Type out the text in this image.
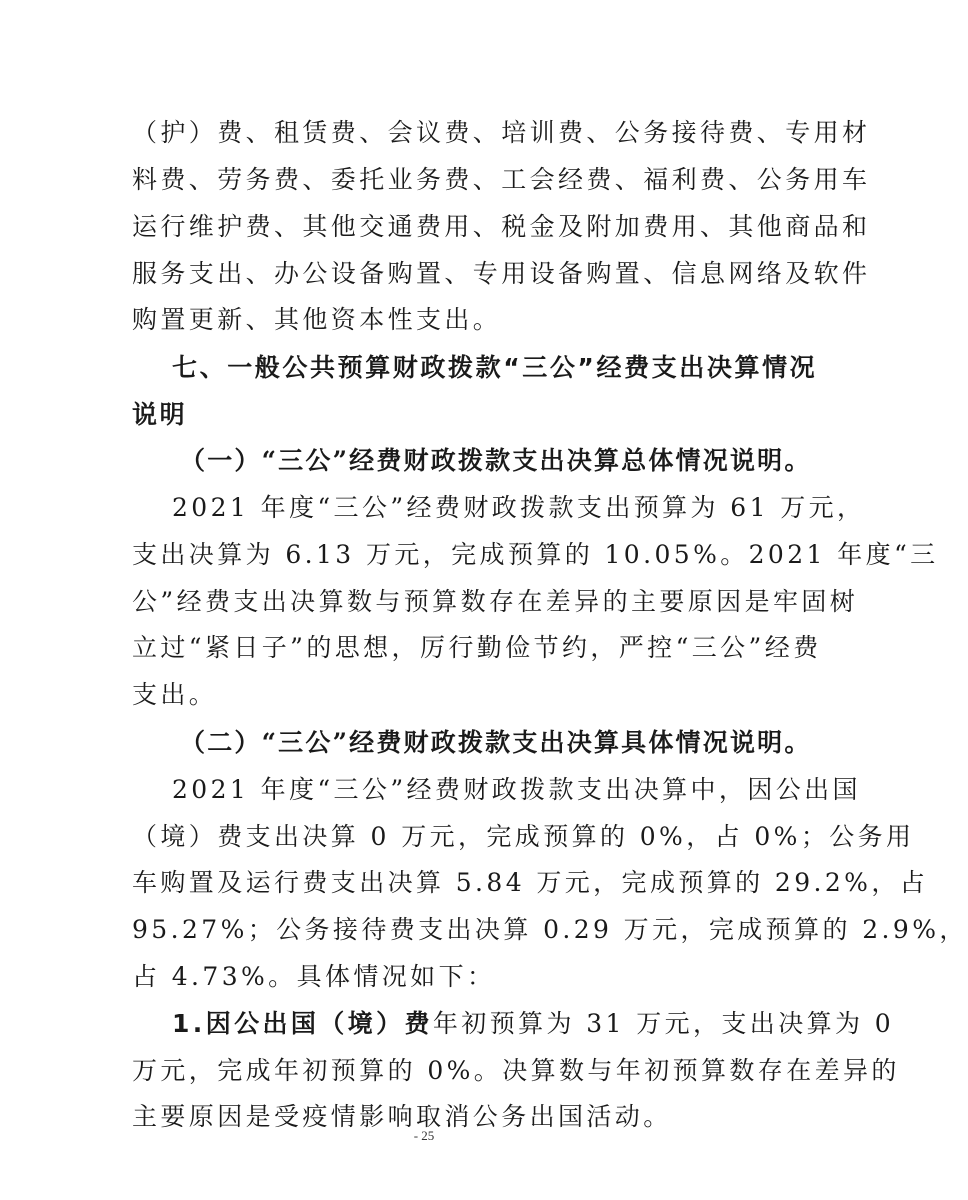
（护）费、租赁费、会议费、培训费、公务接待费、专用材
料费、劳务费、委托业务费、工会经费、福利费、公务用车
运行维护费、其他交通费用、税金及附加费用、其他商品和
服务支出、办公设备购置、专用设备购置、信息网络及软件
购置更新、其他资本性支出。
七、一般公共预算财政拨款“三公”经费支出决算情况
说明
（一）“三公”经费财政拨款支出决算总体情况说明。
2021 年度“三公”经费财政拨款支出预算为 61 万元，
支出决算为 6.13 万元，完成预算的 10.05%。2021 年度“三
公”经费支出决算数与预算数存在差异的主要原因是牢固树
立过“紧日子”的思想，厉行勤俭节约，严控“三公”经费
支出。
（二）“三公”经费财政拨款支出决算具体情况说明。
2021 年度“三公”经费财政拨款支出决算中，因公出国
（境）费支出决算 0 万元，完成预算的 0%，占 0%；公务用
车购置及运行费支出决算 5.84 万元，完成预算的 29.2%，占
95.27%；公务接待费支出决算 0.29 万元，完成预算的 2.9%，
占 4.73%。具体情况如下：
1.因公出国（境）费年初预算为 31 万元，支出决算为 0
万元，完成年初预算的 0%。决算数与年初预算数存在差异的
主要原因是受疫情影响取消公务出国活动。
- 25
